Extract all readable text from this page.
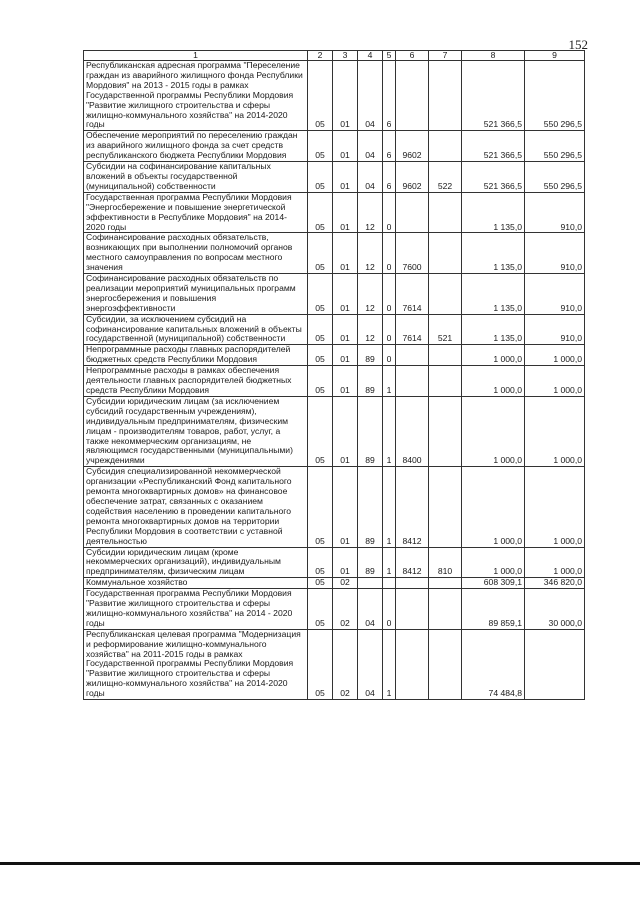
152
1	2	3	4	5	6	7	8	9
Республиканская адресная программа "Переселение граждан из аварийного жилищного фонда Республики Мордовия" на 2013 - 2015 годы в рамках Государственной программы Республики Мордовия "Развитие жилищного строительства и сферы жилищно-коммунального хозяйства" на 2014-2020 годы	05	01	04	6			521 366,5	550 296,5
Обеспечение мероприятий по переселению граждан из аварийного жилищного фонда за счет средств республиканского бюджета Республики Мордовия	05	01	04	6	9602		521 366,5	550 296,5
Субсидии на софинансирование капитальных вложений в объекты государственной (муниципальной) собственности	05	01	04	6	9602	522	521 366,5	550 296,5
Государственная программа Республики Мордовия "Энергосбережение и повышение энергетической эффективности в Республике Мордовия" на 2014-2020 годы	05	01	12	0			1 135,0	910,0
Софинансирование расходных обязательств, возникающих при выполнении полномочий органов местного самоуправления по вопросам местного значения	05	01	12	0	7600		1 135,0	910,0
Софинансирование расходных обязательств по реализации мероприятий муниципальных программ энергосбережения и повышения энергоэффективности	05	01	12	0	7614		1 135,0	910,0
Субсидии, за исключением субсидий на софинансирование капитальных вложений в объекты государственной (муниципальной) собственности	05	01	12	0	7614	521	1 135,0	910,0
Непрограммные расходы главных распорядителей бюджетных средств Республики Мордовия	05	01	89	0			1 000,0	1 000,0
Непрограммные расходы в рамках обеспечения деятельности главных распорядителей бюджетных средств Республики Мордовия	05	01	89	1			1 000,0	1 000,0
Субсидии юридическим лицам (за исключением субсидий государственным учреждениям), индивидуальным предпринимателям, физическим лицам - производителям товаров, работ, услуг, а также некоммерческим организациям, не являющимся государственными (муниципальными) учреждениями	05	01	89	1	8400		1 000,0	1 000,0
Субсидия специализированной некоммерческой организации «Республиканский Фонд капитального ремонта многоквартирных домов» на финансовое обеспечение затрат, связанных с оказанием содействия населению в проведении капитального ремонта многоквартирных домов на территории Республики Мордовия в соответствии с уставной деятельностью	05	01	89	1	8412		1 000,0	1 000,0
Субсидии юридическим лицам (кроме некоммерческих организаций), индивидуальным предпринимателям, физическим лицам	05	01	89	1	8412	810	1 000,0	1 000,0
Коммунальное хозяйство	05	02					608 309,1	346 820,0
Государственная программа Республики Мордовия "Развитие жилищного строительства и сферы жилищно-коммунального хозяйства" на 2014 - 2020 годы	05	02	04	0			89 859,1	30 000,0
Республиканская целевая программа "Модернизация и реформирование жилищно-коммунального хозяйства" на 2011-2015 годы в рамках Государственной программы Республики Мордовия "Развитие жилищного строительства и сферы жилищно-коммунального хозяйства" на 2014-2020 годы	05	02	04	1			74 484,8	
